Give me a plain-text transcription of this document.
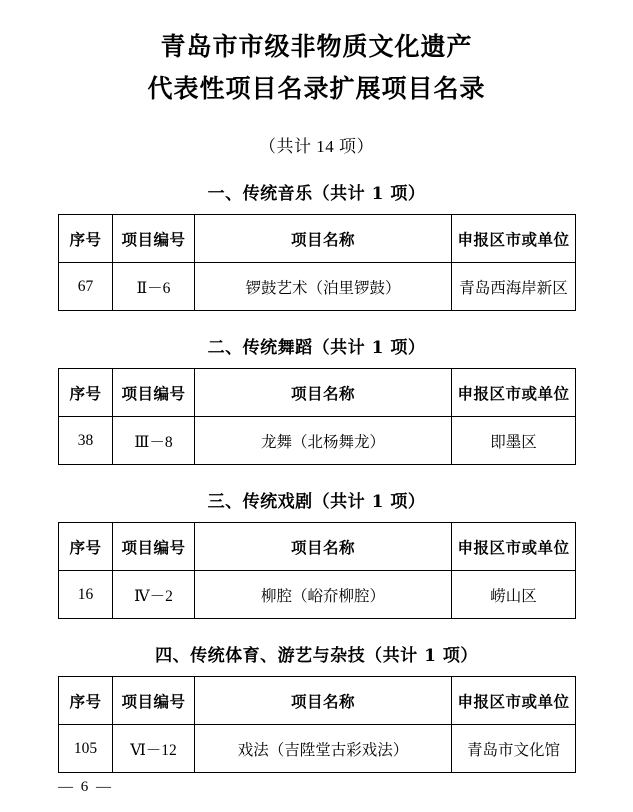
青岛市市级非物质文化遗产
代表性项目名录扩展项目名录
（共计 14 项）
一、传统音乐（共计 1 项）
序号	项目编号	项目名称	申报区市或单位
67	Ⅱ－6	锣鼓艺术（泊里锣鼓）	青岛西海岸新区
二、传统舞蹈（共计 1 项）
序号	项目编号	项目名称	申报区市或单位
38	Ⅲ－8	龙舞（北杨舞龙）	即墨区
三、传统戏剧（共计 1 项）
序号	项目编号	项目名称	申报区市或单位
16	Ⅳ－2	柳腔（峪夼柳腔）	崂山区
四、传统体育、游艺与杂技（共计 1 项）
序号	项目编号	项目名称	申报区市或单位
105	Ⅵ－12	戏法（吉陞堂古彩戏法）	青岛市文化馆
— 6 —
